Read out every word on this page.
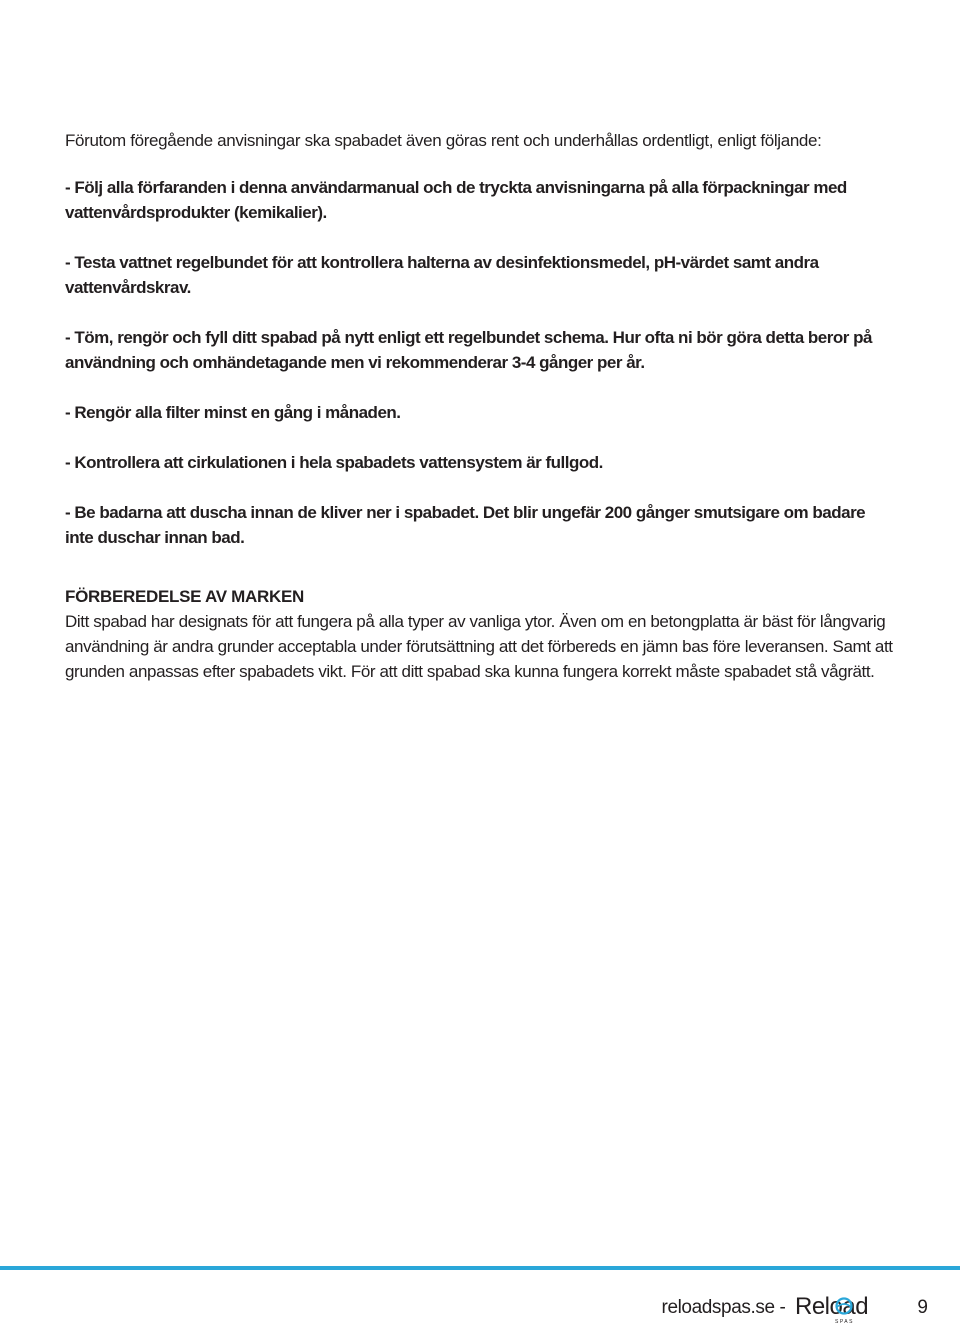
Förutom föregående anvisningar ska spabadet även göras rent och underhållas ordentligt, enligt följande:

- Följ alla förfaranden i denna användarmanual och de tryckta anvisningarna på alla förpackningar med vattenvårdsprodukter (kemikalier).

- Testa vattnet regelbundet för att kontrollera halterna av desinfektionsmedel, pH-värdet samt andra vattenvårdskrav.

- Töm, rengör och fyll ditt spabad på nytt enligt ett regelbundet schema. Hur ofta ni bör göra detta beror på användning och omhändetagande men vi rekommenderar 3-4 gånger per år.

- Rengör alla filter minst en gång i månaden.

- Kontrollera att cirkulationen i hela spabadets vattensystem är fullgod.

- Be badarna att duscha innan de kliver ner i spabadet. Det blir ungefär 200 gånger smutsigare om badare inte duschar innan bad.

FÖRBEREDELSE AV MARKEN

Ditt spabad har designats för att fungera på alla typer av vanliga ytor. Även om en betongplatta är bäst för långvarig användning är andra grunder acceptabla under förutsättning att det förbereds en jämn bas före leveransen. Samt att grunden anpassas efter spabadets vikt. För att ditt spabad ska kunna fungera korrekt måste spabadet stå vågrätt.

reloadspas.se - Reload
SPAS
9
